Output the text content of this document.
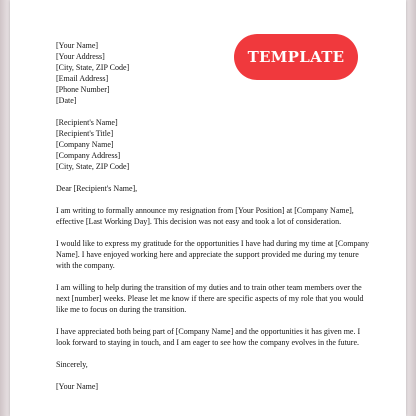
TEMPLATE
[Your Name]
[Your Address]
[City, State, ZIP Code]
[Email Address]
[Phone Number]
[Date]
[Recipient's Name]
[Recipient's Title]
[Company Name]
[Company Address]
[City, State, ZIP Code]

Dear [Recipient's Name],

I am writing to formally announce my resignation from [Your Position] at [Company Name], effective [Last Working Day]. This decision was not easy and took a lot of consideration.

I would like to express my gratitude for the opportunities I have had during my time at [Company Name]. I have enjoyed working here and appreciate the support provided me during my tenure with the company.

I am willing to help during the transition of my duties and to train other team members over the next [number] weeks. Please let me know if there are specific aspects of my role that you would like me to focus on during the transition.

I have appreciated both being part of [Company Name] and the opportunities it has given me. I look forward to staying in touch, and I am eager to see how the company evolves in the future.

Sincerely,

[Your Name]
